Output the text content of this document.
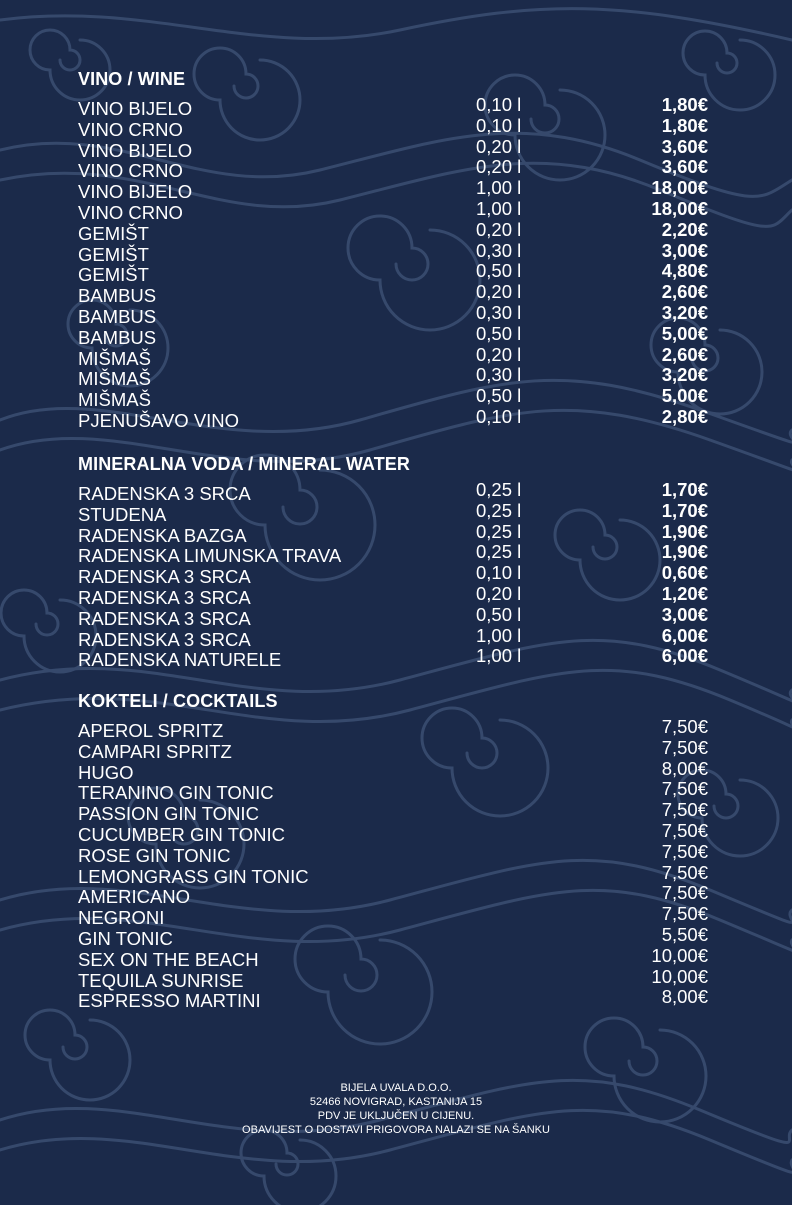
VINO / WINE
VINO BIJELO	0,10 l	1,80€
VINO CRNO	0,10 l	1,80€
VINO BIJELO	0,20 l	3,60€
VINO CRNO	0,20 l	3,60€
VINO BIJELO	1,00 l	18,00€
VINO CRNO	1,00 l	18,00€
GEMIŠT	0,20 l	2,20€
GEMIŠT	0,30 l	3,00€
GEMIŠT	0,50 l	4,80€
BAMBUS	0,20 l	2,60€
BAMBUS	0,30 l	3,20€
BAMBUS	0,50 l	5,00€
MIŠMAŠ	0,20 l	2,60€
MIŠMAŠ	0,30 l	3,20€
MIŠMAŠ	0,50 l	5,00€
PJENUŠAVO VINO	0,10 l	2,80€
MINERALNA VODA / MINERAL WATER
RADENSKA 3 SRCA	0,25 l	1,70€
STUDENA	0,25 l	1,70€
RADENSKA BAZGA	0,25 l	1,90€
RADENSKA LIMUNSKA TRAVA	0,25 l	1,90€
RADENSKA 3 SRCA	0,10 l	0,60€
RADENSKA 3 SRCA	0,20 l	1,20€
RADENSKA 3 SRCA	0,50 l	3,00€
RADENSKA 3 SRCA	1,00 l	6,00€
RADENSKA NATURELE	1,00 l	6,00€
KOKTELI / COCKTAILS
APEROL SPRITZ	7,50€
CAMPARI SPRITZ	7,50€
HUGO	8,00€
TERANINO GIN TONIC	7,50€
PASSION GIN TONIC	7,50€
CUCUMBER GIN TONIC	7,50€
ROSE GIN TONIC	7,50€
LEMONGRASS GIN TONIC	7,50€
AMERICANO	7,50€
NEGRONI	7,50€
GIN TONIC	5,50€
SEX ON THE BEACH	10,00€
TEQUILA SUNRISE	10,00€
ESPRESSO MARTINI	8,00€
BIJELA UVALA D.O.O.
52466 NOVIGRAD, KASTANIJA 15
PDV JE UKLJUČEN U CIJENU.
OBAVIJEST O DOSTAVI PRIGOVORA NALAZI SE NA ŠANKU
